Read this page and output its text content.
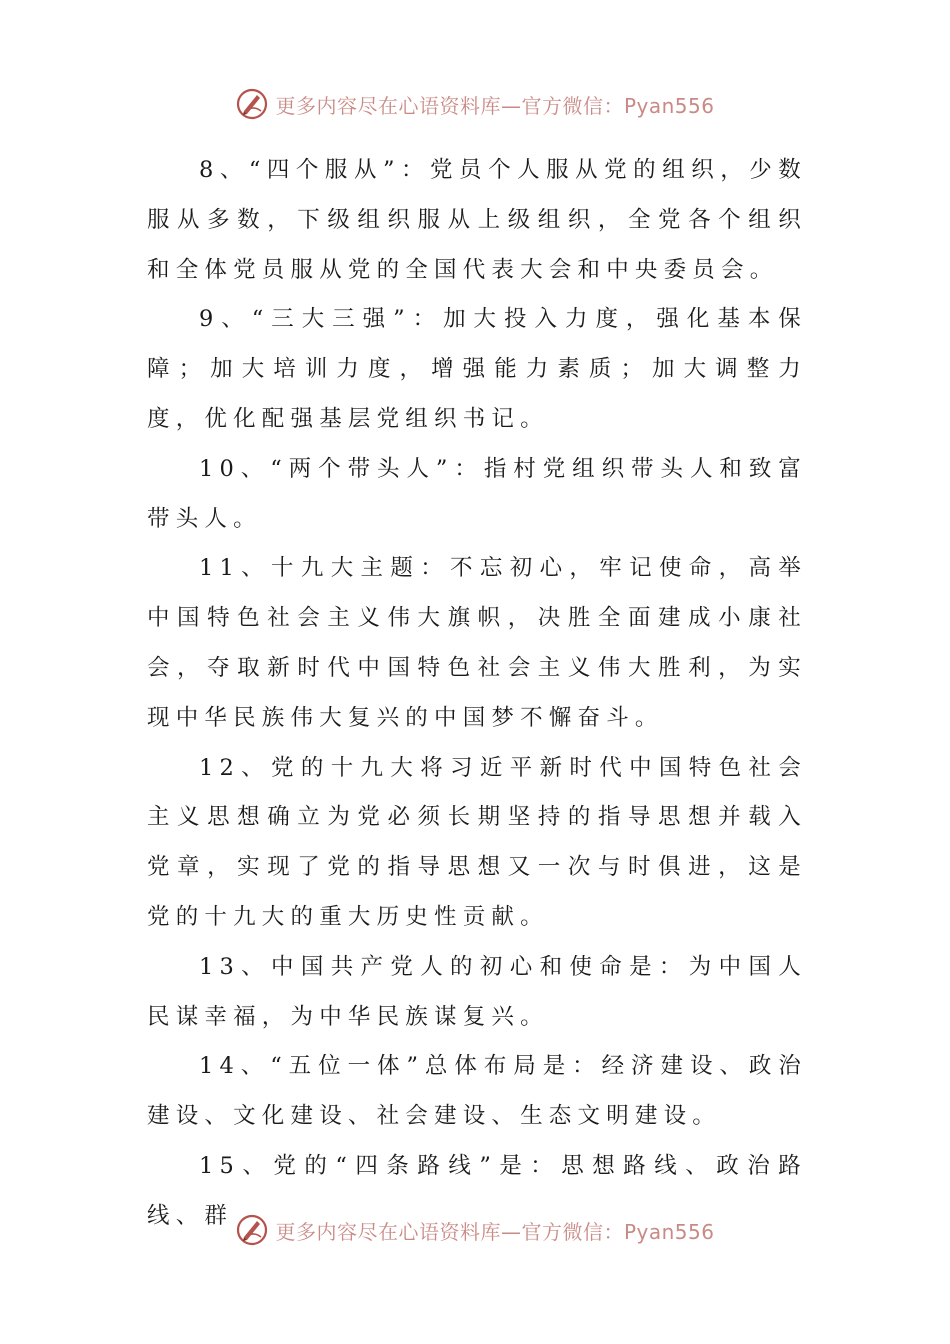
更多内容尽在心语资料库—官方微信：Pyan556

8、“四个服从”：党员个人服从党的组织，少数服从多数，下级组织服从上级组织，全党各个组织和全体党员服从党的全国代表大会和中央委员会。

9、“三大三强”：加大投入力度，强化基本保障；加大培训力度，增强能力素质；加大调整力度，优化配强基层党组织书记。

10、“两个带头人”：指村党组织带头人和致富带头人。

11、十九大主题：不忘初心，牢记使命，高举中国特色社会主义伟大旗帜，决胜全面建成小康社会，夺取新时代中国特色社会主义伟大胜利，为实现中华民族伟大复兴的中国梦不懈奋斗。

12、党的十九大将习近平新时代中国特色社会主义思想确立为党必须长期坚持的指导思想并载入党章，实现了党的指导思想又一次与时俱进，这是党的十九大的重大历史性贡献。

13、中国共产党人的初心和使命是：为中国人民谋幸福，为中华民族谋复兴。

14、“五位一体”总体布局是：经济建设、政治建设、文化建设、社会建设、生态文明建设。

15、党的“四条路线”是：思想路线、政治路线、群

更多内容尽在心语资料库—官方微信：Pyan556
